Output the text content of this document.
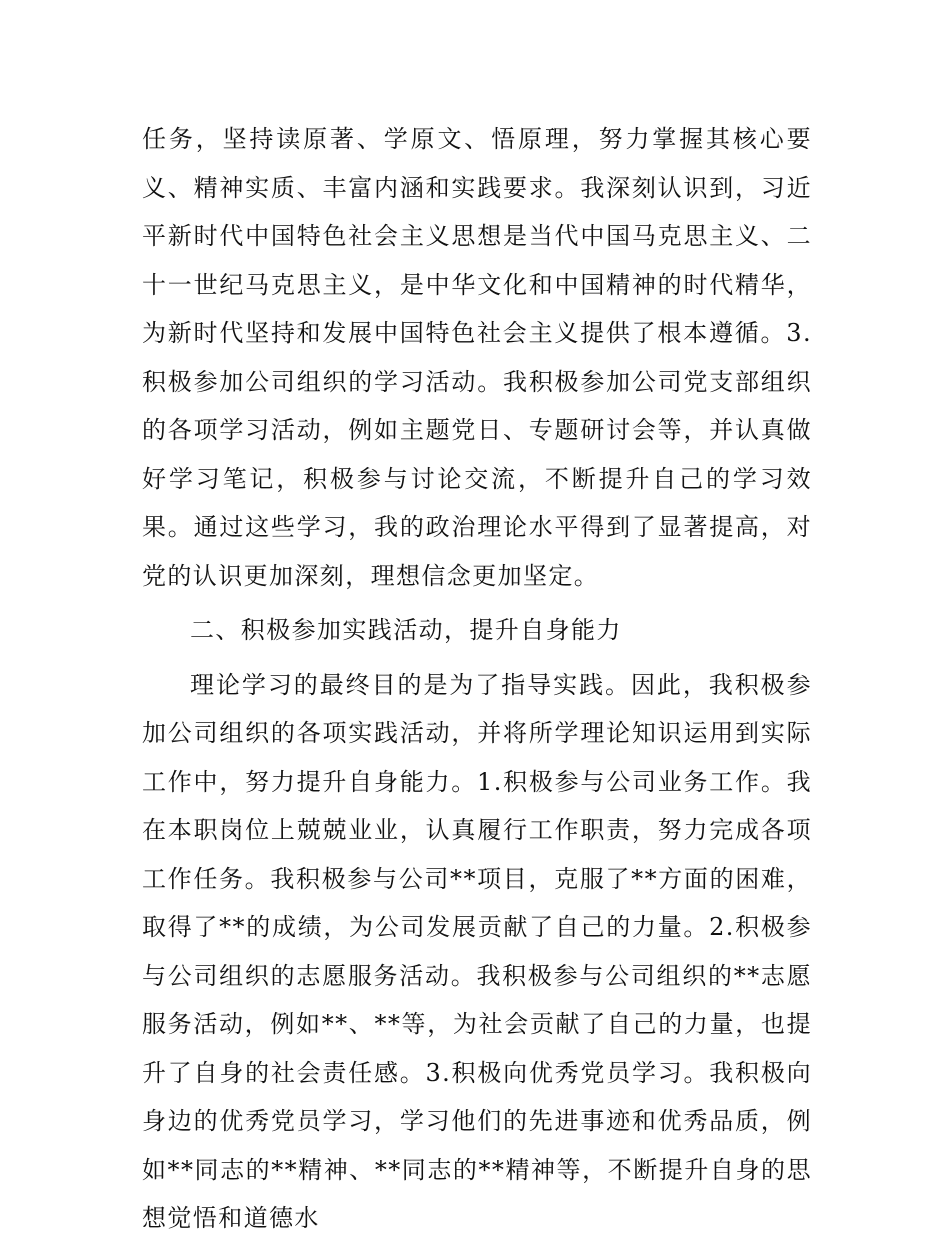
任务，坚持读原著、学原文、悟原理，努力掌握其核心要义、精神实质、丰富内涵和实践要求。我深刻认识到，习近平新时代中国特色社会主义思想是当代中国马克思主义、二十一世纪马克思主义，是中华文化和中国精神的时代精华，为新时代坚持和发展中国特色社会主义提供了根本遵循。3.积极参加公司组织的学习活动。我积极参加公司党支部组织的各项学习活动，例如主题党日、专题研讨会等，并认真做好学习笔记，积极参与讨论交流，不断提升自己的学习效果。通过这些学习，我的政治理论水平得到了显著提高，对党的认识更加深刻，理想信念更加坚定。

二、积极参加实践活动，提升自身能力

理论学习的最终目的是为了指导实践。因此，我积极参加公司组织的各项实践活动，并将所学理论知识运用到实际工作中，努力提升自身能力。1.积极参与公司业务工作。我在本职岗位上兢兢业业，认真履行工作职责，努力完成各项工作任务。我积极参与公司**项目，克服了**方面的困难，取得了**的成绩，为公司发展贡献了自己的力量。2.积极参与公司组织的志愿服务活动。我积极参与公司组织的**志愿服务活动，例如**、**等，为社会贡献了自己的力量，也提升了自身的社会责任感。3.积极向优秀党员学习。我积极向身边的优秀党员学习，学习他们的先进事迹和优秀品质，例如**同志的**精神、**同志的**精神等，不断提升自身的思想觉悟和道德水
